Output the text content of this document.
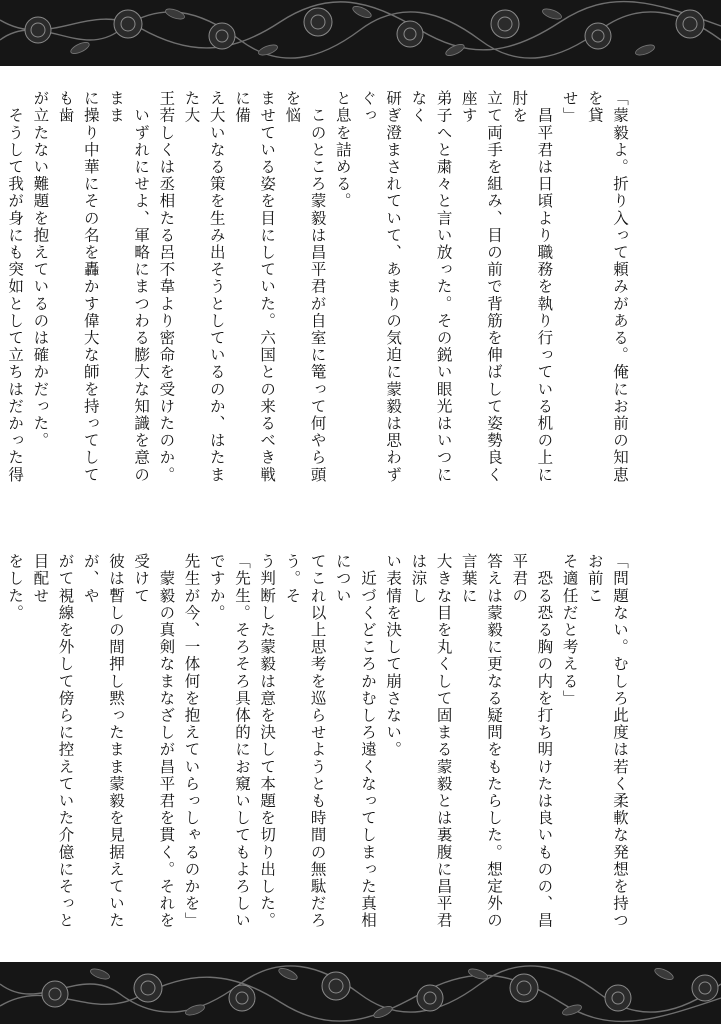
「蒙毅よ。折り入って頼みがある。俺にお前の知恵を貸

せ」

　昌平君は日頃より職務を執り行っている机の上に肘を

立て両手を組み、目の前で背筋を伸ばして姿勢良く座す

弟子へと粛々と言い放った。その鋭い眼光はいつになく

研ぎ澄まされていて、あまりの気迫に蒙毅は思わずぐっ

と息を詰める。

　このところ蒙毅は昌平君が自室に篭って何やら頭を悩

ませている姿を目にしていた。六国との来るべき戦に備

え大いなる策を生み出そうとしているのか、はたまた大

王若しくは丞相たる呂不韋より密命を受けたのか。

　いずれにせよ、軍略にまつわる膨大な知識を意のまま

に操り中華にその名を轟かす偉大な師を持ってしても歯

が立たない難題を抱えているのは確かだった。

　そうして我が身にも突如として立ちはだかった得

「問題ない。むしろ此度は若く柔軟な発想を持つお前こ

そ適任だと考える」

　恐る恐る胸の内を打ち明けたは良いものの、昌平君の

答えは蒙毅に更なる疑問をもたらした。想定外の言葉に

大きな目を丸くして固まる蒙毅とは裏腹に昌平君は涼し

い表情を決して崩さない。

　近づくどころかむしろ遠くなってしまった真相につい

てこれ以上思考を巡らせようとも時間の無駄だろう。そ

う判断した蒙毅は意を決して本題を切り出した。

「先生。そろそろ具体的にお窺いしてもよろしいですか。

先生が今、一体何を抱えていらっしゃるのかを」

　蒙毅の真剣なまなざしが昌平君を貫く。それを受けて

彼は暫しの間押し黙ったまま蒙毅を見据えていたが、や

がて視線を外して傍らに控えていた介億にそっと目配せ

をした。
